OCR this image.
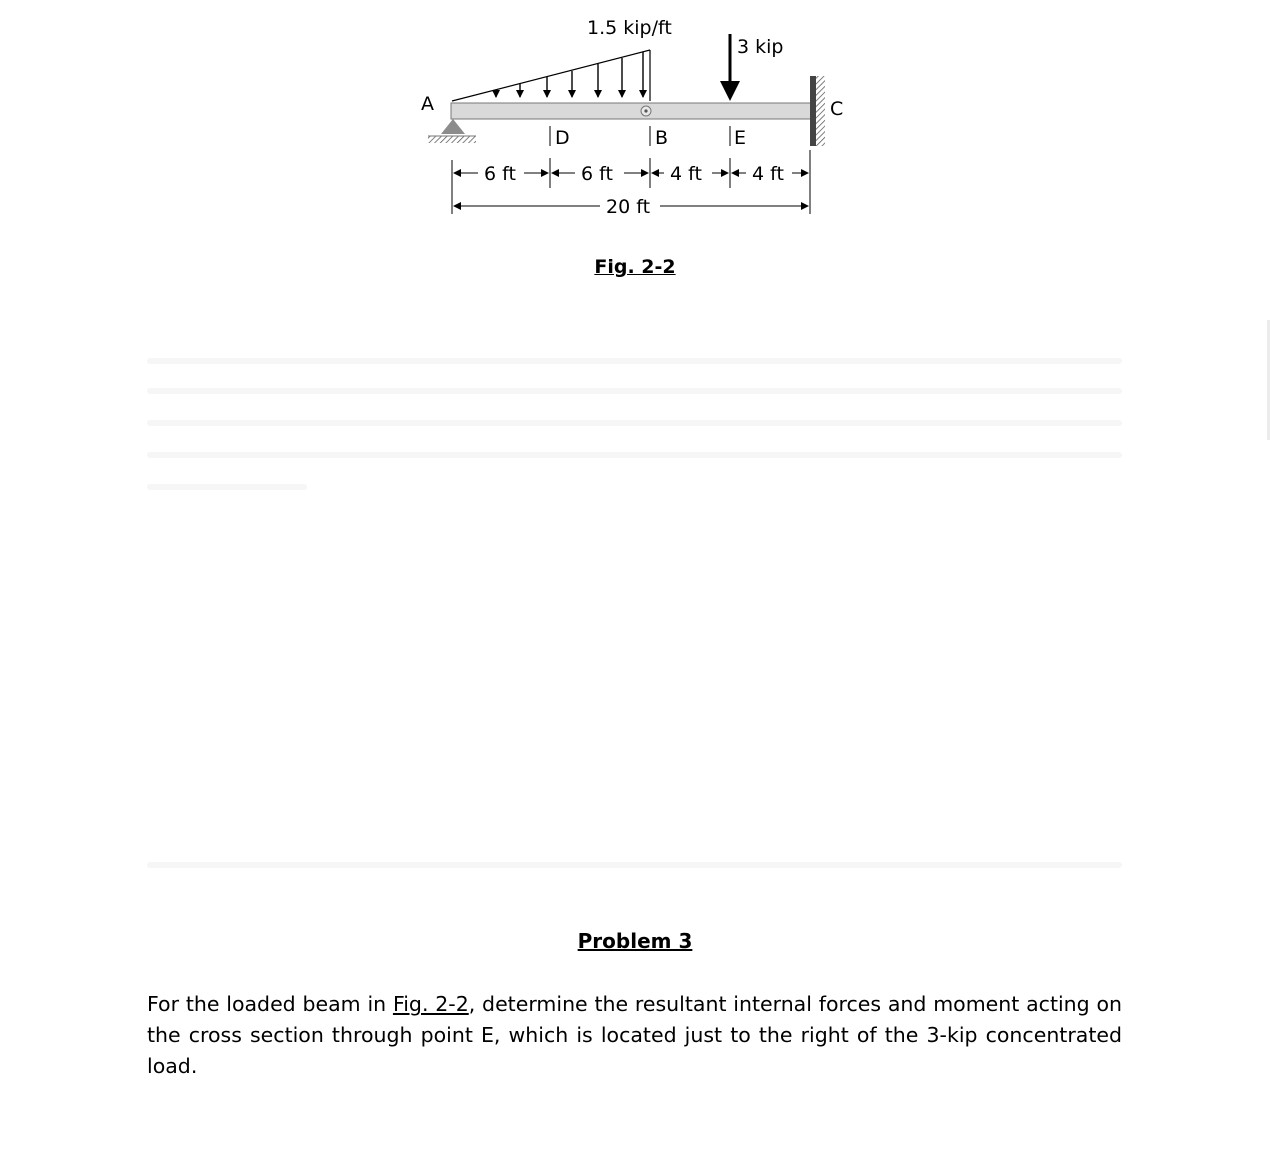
1.5 kip/ft
3 kip
A	C
D	B	E
6 ft	6 ft	4 ft	4 ft
20 ft
Fig. 2-2
Problem 3
For the loaded beam in Fig. 2-2, determine the resultant internal forces and moment acting on the cross section through point E, which is located just to the right of the 3-kip concentrated load.
